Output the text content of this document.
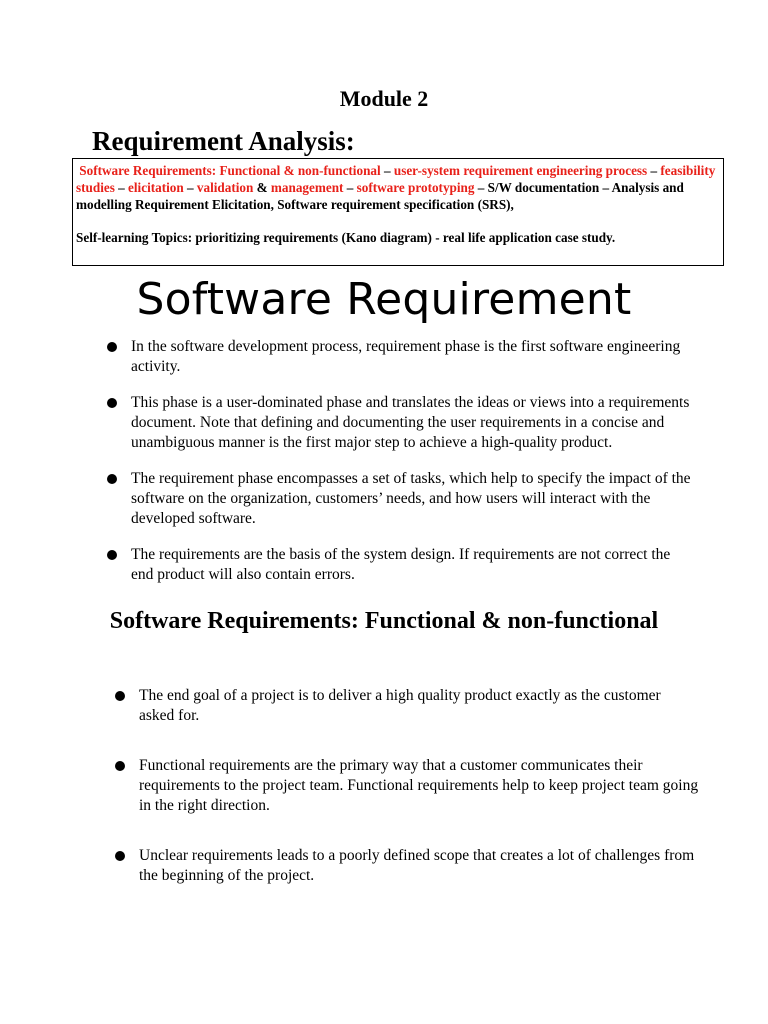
Module 2
Requirement Analysis:
Software Requirements: Functional & non-functional – user-system requirement engineering process – feasibility studies – elicitation – validation & management – software prototyping – S/W documentation – Analysis and modelling Requirement Elicitation, Software requirement specification (SRS),
Self-learning Topics: prioritizing requirements (Kano diagram) - real life application case study.
Software Requirement
In the software development process, requirement phase is the first software engineering activity.
This phase is a user-dominated phase and translates the ideas or views into a requirements document. Note that defining and documenting the user requirements in a concise and unambiguous manner is the first major step to achieve a high-quality product.
The requirement phase encompasses a set of tasks, which help to specify the impact of the software on the organization, customers’ needs, and how users will interact with the developed software.
The requirements are the basis of the system design. If requirements are not correct the end product will also contain errors.
Software Requirements: Functional & non-functional
The end goal of a project is to deliver a high quality product exactly as the customer asked for.
Functional requirements are the primary way that a customer communicates their requirements to the project team. Functional requirements help to keep project team going in the right direction.
Unclear requirements leads to a poorly defined scope that creates a lot of challenges from the beginning of the project.
